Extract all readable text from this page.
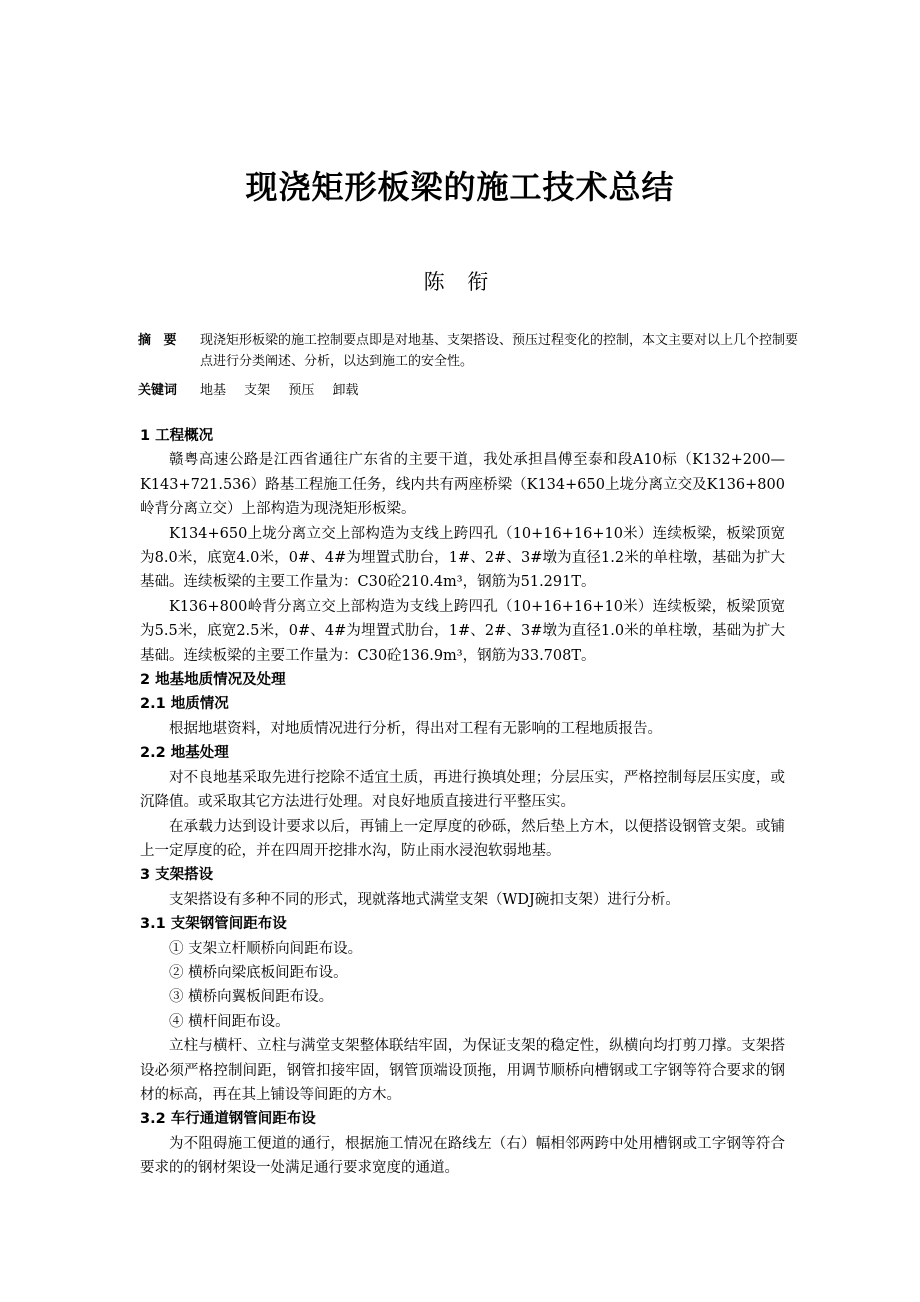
现浇矩形板梁的施工技术总结
陈 衔
摘 要	现浇矩形板梁的施工控制要点即是对地基、支架搭设、预压过程变化的控制，本文主要对以上几个控制要点进行分类阐述、分析，以达到施工的安全性。
关键词	地基 支架 预压 卸载
1 工程概况
赣粤高速公路是江西省通往广东省的主要干道，我处承担昌傅至泰和段A10标（K132+200—K143+721.536）路基工程施工任务，线内共有两座桥梁（K134+650上垅分离立交及K136+800岭背分离立交）上部构造为现浇矩形板梁。
K134+650上垅分离立交上部构造为支线上跨四孔（10+16+16+10米）连续板梁，板梁顶宽为8.0米，底宽4.0米，0#、4#为埋置式肋台，1#、2#、3#墩为直径1.2米的单柱墩，基础为扩大基础。连续板梁的主要工作量为：C30砼210.4m³，钢筋为51.291T。
K136+800岭背分离立交上部构造为支线上跨四孔（10+16+16+10米）连续板梁，板梁顶宽为5.5米，底宽2.5米，0#、4#为埋置式肋台，1#、2#、3#墩为直径1.0米的单柱墩，基础为扩大基础。连续板梁的主要工作量为：C30砼136.9m³，钢筋为33.708T。
2 地基地质情况及处理
2.1 地质情况
根据地堪资料，对地质情况进行分析，得出对工程有无影响的工程地质报告。
2.2 地基处理
对不良地基采取先进行挖除不适宜土质，再进行换填处理；分层压实，严格控制每层压实度，或沉降值。或采取其它方法进行处理。对良好地质直接进行平整压实。
在承载力达到设计要求以后，再铺上一定厚度的砂砾，然后垫上方木，以便搭设钢管支架。或铺上一定厚度的砼，并在四周开挖排水沟，防止雨水浸泡软弱地基。
3 支架搭设
支架搭设有多种不同的形式，现就落地式满堂支架（WDJ碗扣支架）进行分析。
3.1 支架钢管间距布设
① 支架立杆顺桥向间距布设。
② 横桥向梁底板间距布设。
③ 横桥向翼板间距布设。
④ 横杆间距布设。
立柱与横杆、立柱与满堂支架整体联结牢固，为保证支架的稳定性，纵横向均打剪刀撑。支架搭设必须严格控制间距，钢管扣接牢固，钢管顶端设顶拖，用调节顺桥向槽钢或工字钢等符合要求的钢材的标高，再在其上铺设等间距的方木。
3.2 车行通道钢管间距布设
为不阻碍施工便道的通行，根据施工情况在路线左（右）幅相邻两跨中处用槽钢或工字钢等符合要求的的钢材架设一处满足通行要求宽度的通道。
